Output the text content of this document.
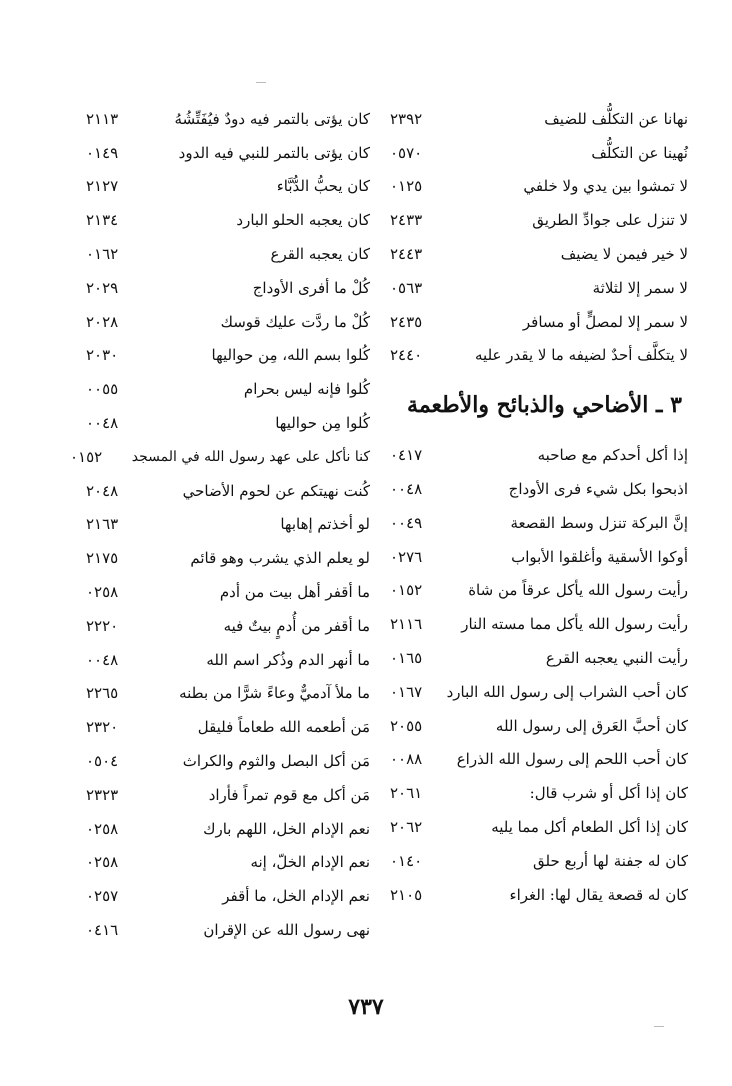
نهانا عن التكلُّف للضيف
٢٣٩٢
نُهينا عن التكلُّف
٠٥٧٠
لا تمشوا بين يدي ولا خلفي
٠١٢٥
لا تنزل على جوادِّ الطريق
٢٤٣٣
لا خير فيمن لا يضيف
٢٤٤٣
لا سمر إلا لثلاثة
٠٥٦٣
لا سمر إلا لمصلٍّ أو مسافر
٢٤٣٥
لا يتكلَّف أحدٌ لضيفه ما لا يقدر عليه
٢٤٤٠
٣ ـ الأضاحي والذبائح والأطعمة
إذا أكل أحدكم مع صاحبه
٠٤١٧
اذبحوا بكل شيء فرى الأوداج
٠٠٤٨
إنَّ البركة تنزل وسط القصعة
٠٠٤٩
أوكوا الأسقية وأغلقوا الأبواب
٠٢٧٦
رأيت رسول الله يأكل عرقاً من شاة
٠١٥٢
رأيت رسول الله يأكل مما مسته النار
٢١١٦
رأيت النبي يعجبه القرع
٠١٦٥
كان أحب الشراب إلى رسول الله البارد
٠١٦٧
كان أحبَّ العَرق إلى رسول الله
٢٠٥٥
كان أحب اللحم إلى رسول الله الذراع
٠٠٨٨
كان إذا أكل أو شرب قال:
٢٠٦١
كان إذا أكل الطعام أكل مما يليه
٢٠٦٢
كان له جفنة لها أربع حلق
٠١٤٠
كان له قصعة يقال لها: الغراء
٢١٠٥
كان يؤتى بالتمر فيه دودٌ فيُفَتِّشُهُ
٢١١٣
كان يؤتى بالتمر للنبي فيه الدود
٠١٤٩
كان يحبُّ الدُّبَّاء
٢١٢٧
كان يعجبه الحلو البارد
٢١٣٤
كان يعجبه القرع
٠١٦٢
كُلْ ما أفرى الأوداج
٢٠٢٩
كُلْ ما ردَّت عليك قوسك
٢٠٢٨
كُلوا بسم الله، مِن حواليها
٢٠٣٠
كُلوا فإنه ليس بحرام
٠٠٥٥
كُلوا مِن حواليها
٠٠٤٨
كنا نأكل على عهد رسول الله في المسجد
٠١٥٢
كُنت نهيتكم عن لحوم الأضاحي
٢٠٤٨
لو أخذتم إهابها
٢١٦٣
لو يعلم الذي يشرب وهو قائم
٢١٧٥
ما أقفر أهل بيت من أدم
٠٢٥٨
ما أقفر من أُدمٍ بيتٌ فيه
٢٢٢٠
ما أنهر الدم وذُكر اسم الله
٠٠٤٨
ما ملأ آدميٌّ وعاءً شرًّا من بطنه
٢٢٦٥
مَن أطعمه الله طعاماً فليقل
٢٣٢٠
مَن أكل البصل والثوم والكراث
٠٥٠٤
مَن أكل مع قوم تمراً فأراد
٢٣٢٣
نعم الإدام الخل، اللهم بارك
٠٢٥٨
نعم الإدام الخلّ، إنه
٠٢٥٨
نعم الإدام الخل، ما أقفر
٠٢٥٧
نهى رسول الله عن الإقران
٠٤١٦
٧٣٧
